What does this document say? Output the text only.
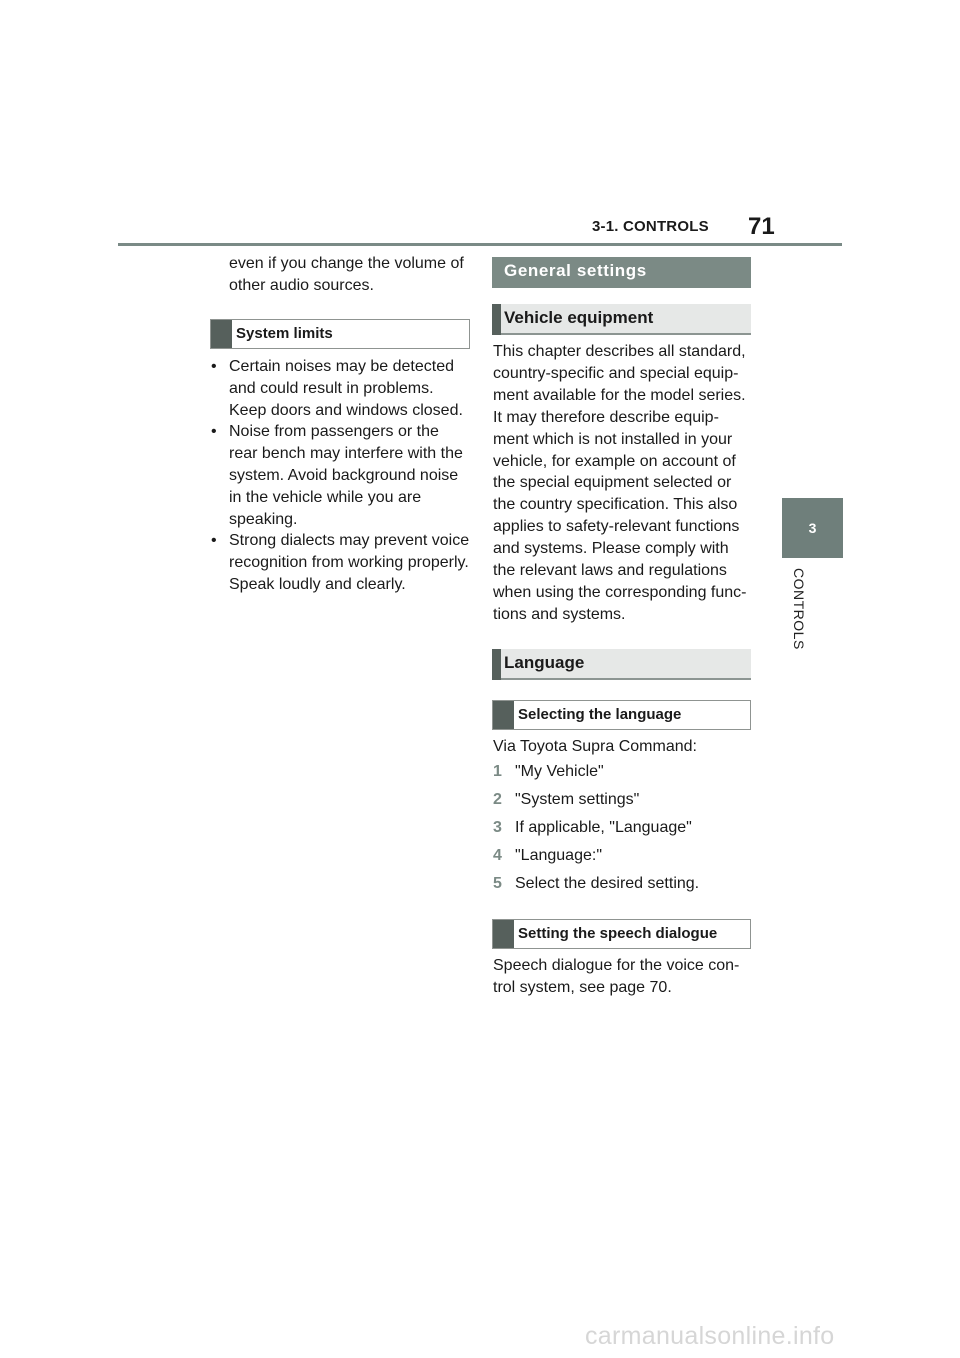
3-1. CONTROLS 71
3
CONTROLS

even if you change the volume of other audio sources.

System limits
• Certain noises may be detected and could result in problems. Keep doors and windows closed.
• Noise from passengers or the rear bench may interfere with the system. Avoid background noise in the vehicle while you are speaking.
• Strong dialects may prevent voice recognition from working properly. Speak loudly and clearly.
General settings
Vehicle equipment

This chapter describes all standard, country-specific and special equip-ment available for the model series. It may therefore describe equip-ment which is not installed in your vehicle, for example on account of the special equipment selected or the country specification. This also applies to safety-relevant functions and systems. Please comply with the relevant laws and regulations when using the corresponding func-tions and systems.

Language
Selecting the language

Via Toyota Supra Command:

1 "My Vehicle"
2 "System settings"
3 If applicable, "Language"
4 "Language:"
5 Select the desired setting.
Setting the speech dialogue

Speech dialogue for the voice con-trol system, see page 70.

carmanualsonline.info
